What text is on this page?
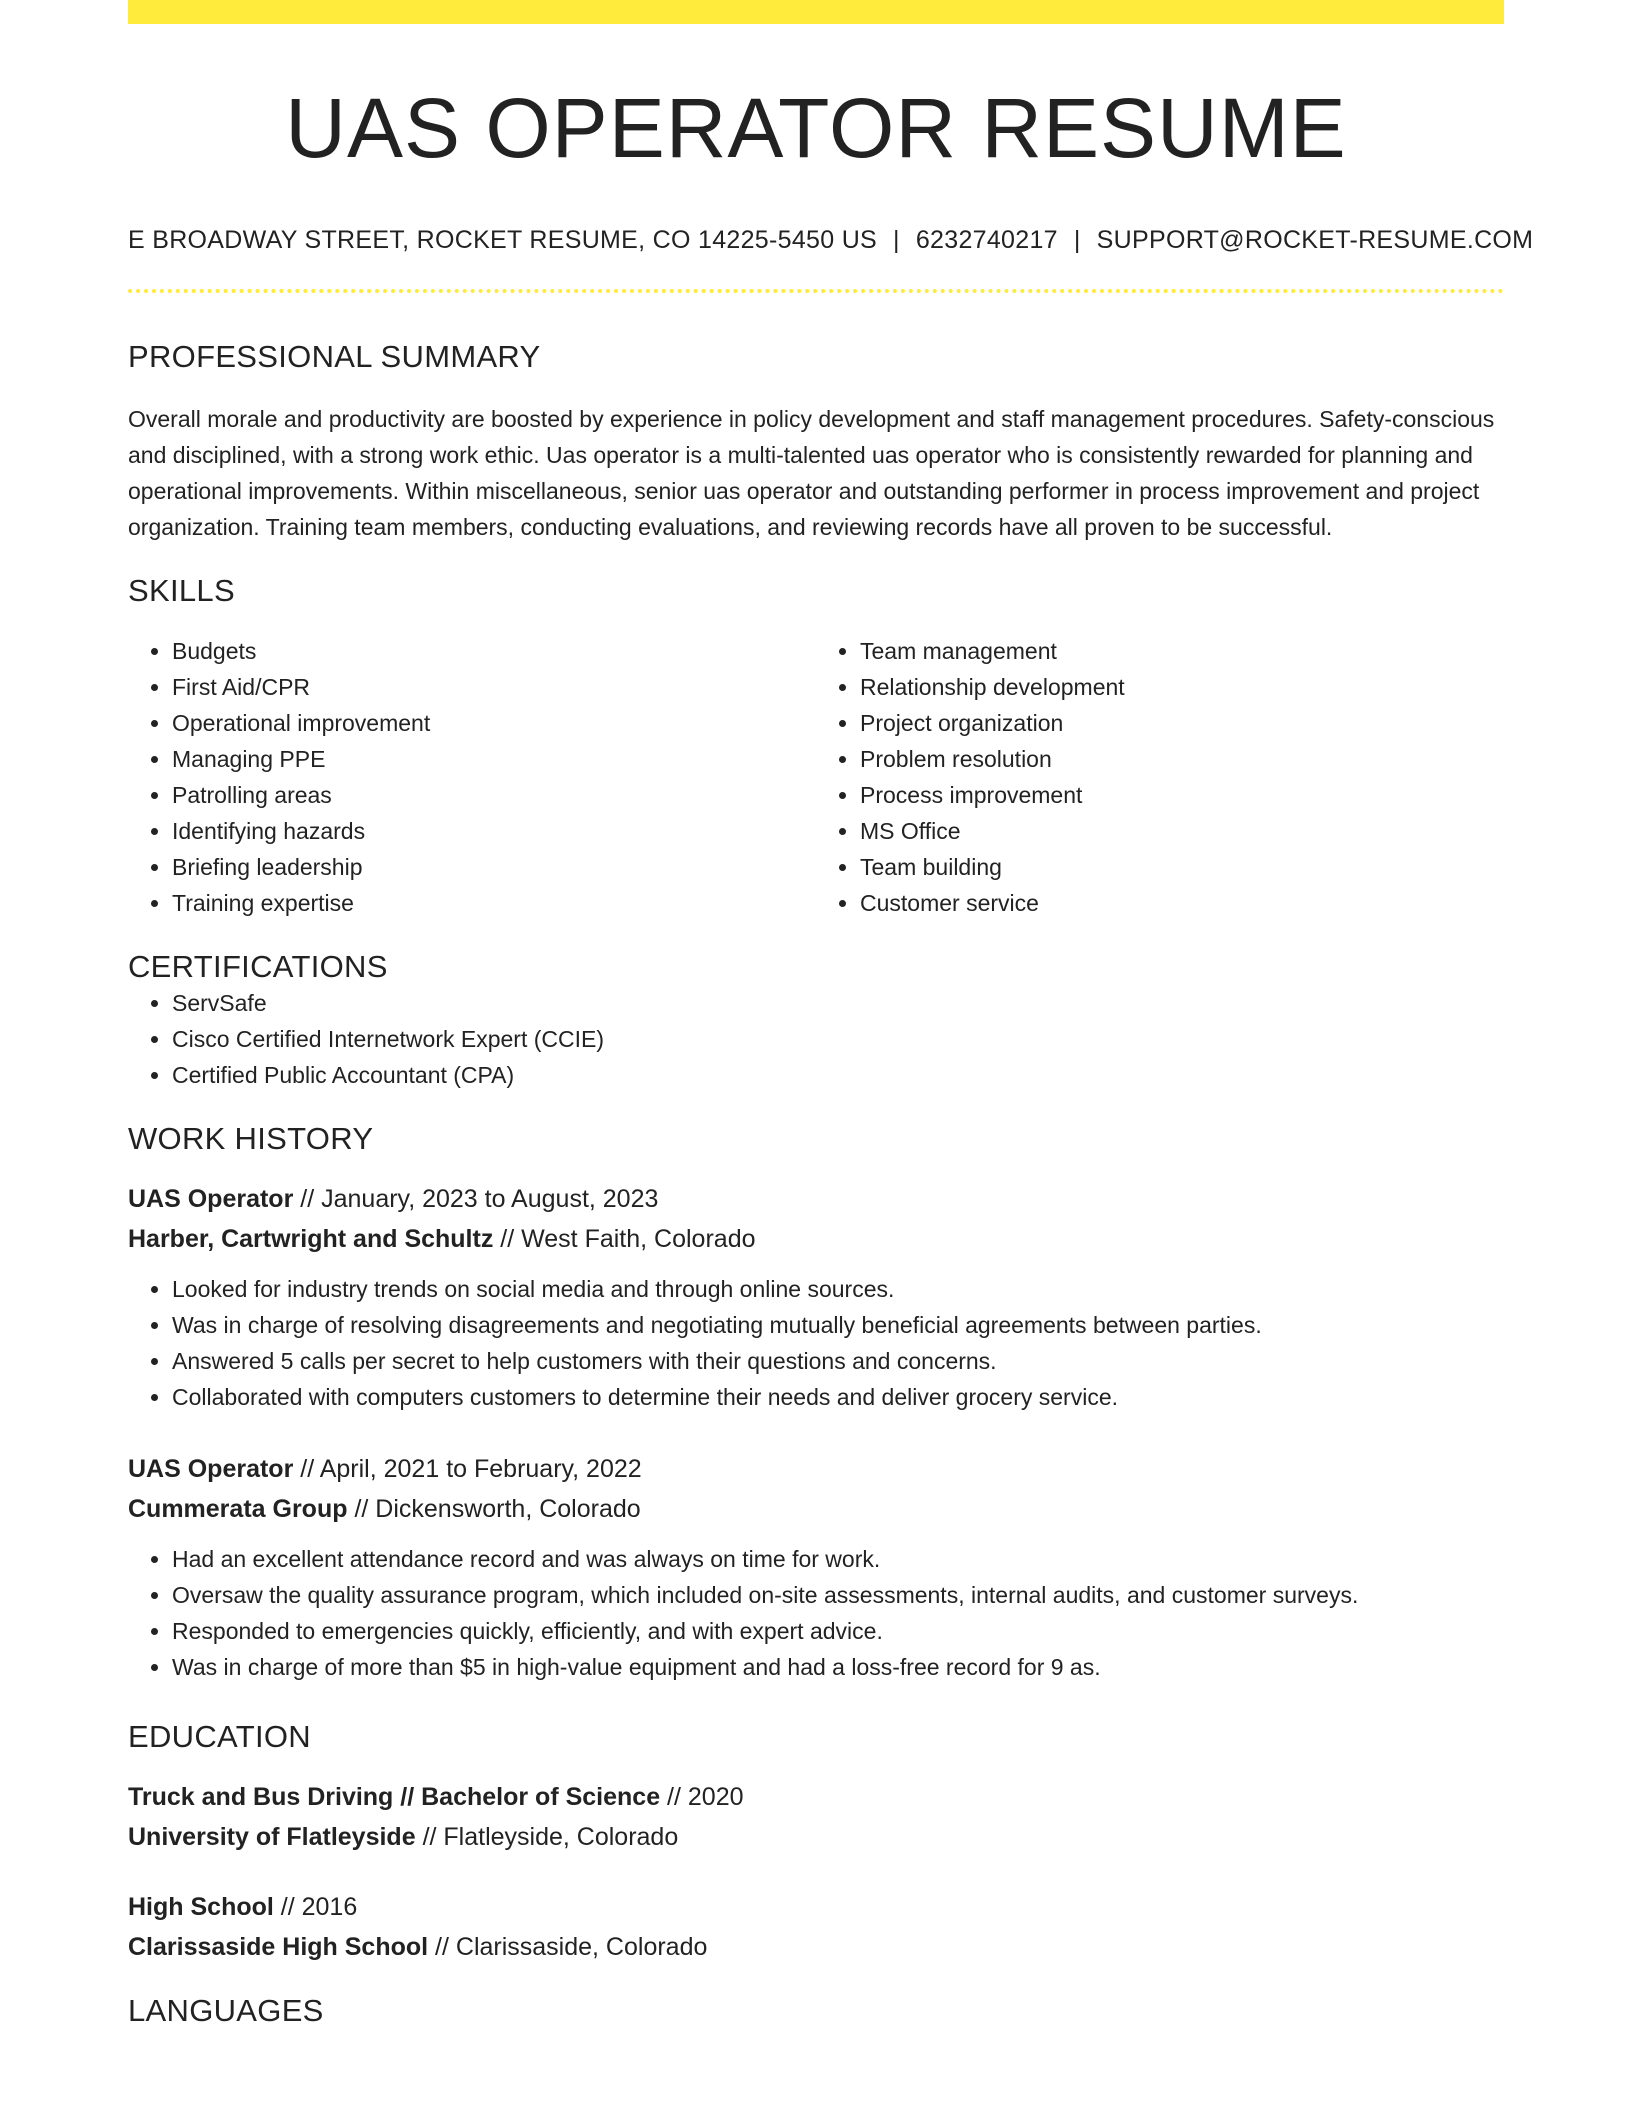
UAS OPERATOR RESUME
E BROADWAY STREET, ROCKET RESUME, CO 14225-5450 US | 6232740217 | SUPPORT@ROCKET-RESUME.COM
PROFESSIONAL SUMMARY

Overall morale and productivity are boosted by experience in policy development and staff management procedures. Safety-conscious and disciplined, with a strong work ethic. Uas operator is a multi-talented uas operator who is consistently rewarded for planning and operational improvements. Within miscellaneous, senior uas operator and outstanding performer in process improvement and project organization. Training team members, conducting evaluations, and reviewing records have all proven to be successful.

SKILLS
• Budgets
• First Aid/CPR
• Operational improvement
• Managing PPE
• Patrolling areas
• Identifying hazards
• Briefing leadership
• Training expertise
• Team management
• Relationship development
• Project organization
• Problem resolution
• Process improvement
• MS Office
• Team building
• Customer service
CERTIFICATIONS
• ServSafe
• Cisco Certified Internetwork Expert (CCIE)
• Certified Public Accountant (CPA)
WORK HISTORY
UAS Operator // January, 2023 to August, 2023
Harber, Cartwright and Schultz // West Faith, Colorado
• Looked for industry trends on social media and through online sources.
• Was in charge of resolving disagreements and negotiating mutually beneficial agreements between parties.
• Answered 5 calls per secret to help customers with their questions and concerns.
• Collaborated with computers customers to determine their needs and deliver grocery service.
UAS Operator // April, 2021 to February, 2022
Cummerata Group // Dickensworth, Colorado
• Had an excellent attendance record and was always on time for work.
• Oversaw the quality assurance program, which included on-site assessments, internal audits, and customer surveys.
• Responded to emergencies quickly, efficiently, and with expert advice.
• Was in charge of more than $5 in high-value equipment and had a loss-free record for 9 as.
EDUCATION
Truck and Bus Driving // Bachelor of Science // 2020
University of Flatleyside // Flatleyside, Colorado
High School // 2016
Clarissaside High School // Clarissaside, Colorado
LANGUAGES
